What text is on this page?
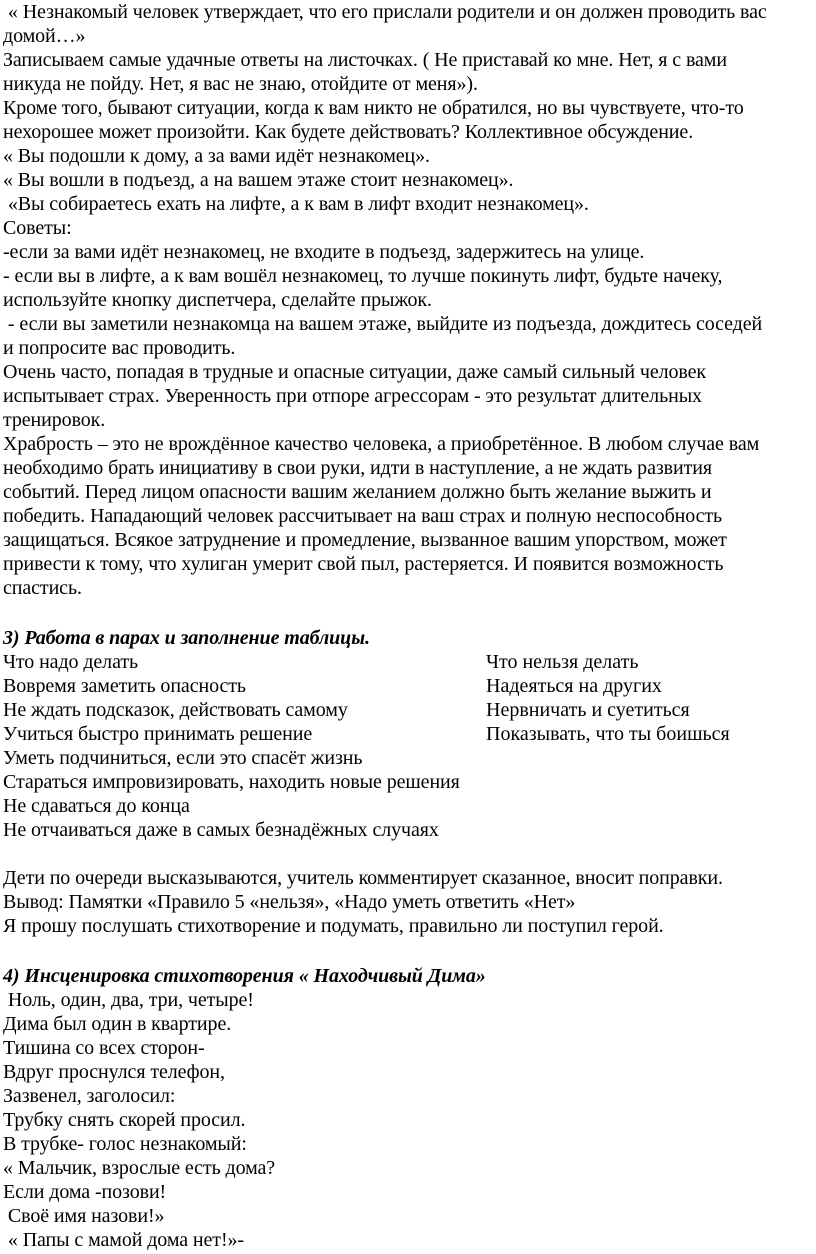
« Незнакомый человек утверждает, что его прислали родители и он должен проводить вас
домой…»
Записываем самые удачные ответы на листочках. ( Не приставай ко мне. Нет, я с вами
никуда не пойду. Нет, я вас не знаю, отойдите от меня»).
Кроме того, бывают ситуации, когда к вам никто не обратился, но вы чувствуете, что-то
нехорошее может произойти. Как будете действовать? Коллективное обсуждение.
« Вы подошли к дому, а за вами идёт незнакомец».
« Вы вошли в подъезд, а на вашем этаже стоит незнакомец».
«Вы собираетесь ехать на лифте, а к вам в лифт входит незнакомец».
Советы:
-если за вами идёт незнакомец, не входите в подъезд, задержитесь на улице.
- если вы в лифте, а к вам вошёл незнакомец, то лучше покинуть лифт, будьте начеку,
используйте кнопку диспетчера, сделайте прыжок.
- если вы заметили незнакомца на вашем этаже, выйдите из подъезда, дождитесь соседей
и попросите вас проводить.
Очень часто, попадая в трудные и опасные ситуации, даже самый сильный человек
испытывает страх. Уверенность при отпоре агрессорам - это результат длительных
тренировок.
Храбрость – это не врождённое качество человека, а приобретённое. В любом случае вам
необходимо брать инициативу в свои руки, идти в наступление, а не ждать развития
событий. Перед лицом опасности вашим желанием должно быть желание выжить и
победить. Нападающий человек рассчитывает на ваш страх и полную неспособность
защищаться. Всякое затруднение и промедление, вызванное вашим упорством, может
привести к тому, что хулиган умерит свой пыл, растеряется. И появится возможность
спастись.
3) Работа в парах и заполнение таблицы.
Что надо делать
Вовремя заметить опасность
Не ждать подсказок, действовать самому
Учиться быстро принимать решение
Уметь подчиниться, если это спасёт жизнь
Стараться импровизировать, находить новые решения
Не сдаваться до конца
Не отчаиваться даже в самых безнадёжных случаях
Что нельзя делать
Надеяться на других
Нервничать и суетиться
Показывать, что ты боишься
Дети по очереди высказываются, учитель комментирует сказанное, вносит поправки.
Вывод: Памятки «Правило 5 «нельзя», «Надо уметь ответить «Нет»
Я прошу послушать стихотворение и подумать, правильно ли поступил герой.
4) Инсценировка стихотворения « Находчивый Дима»
Ноль, один, два, три, четыре!
Дима был один в квартире.
Тишина со всех сторон-
Вдруг проснулся телефон,
Зазвенел, заголосил:
Трубку снять скорей просил.
В трубке- голос незнакомый:
« Мальчик, взрослые есть дома?
Если дома -позови!
Своё имя назови!»
« Папы с мамой дома нет!»-
